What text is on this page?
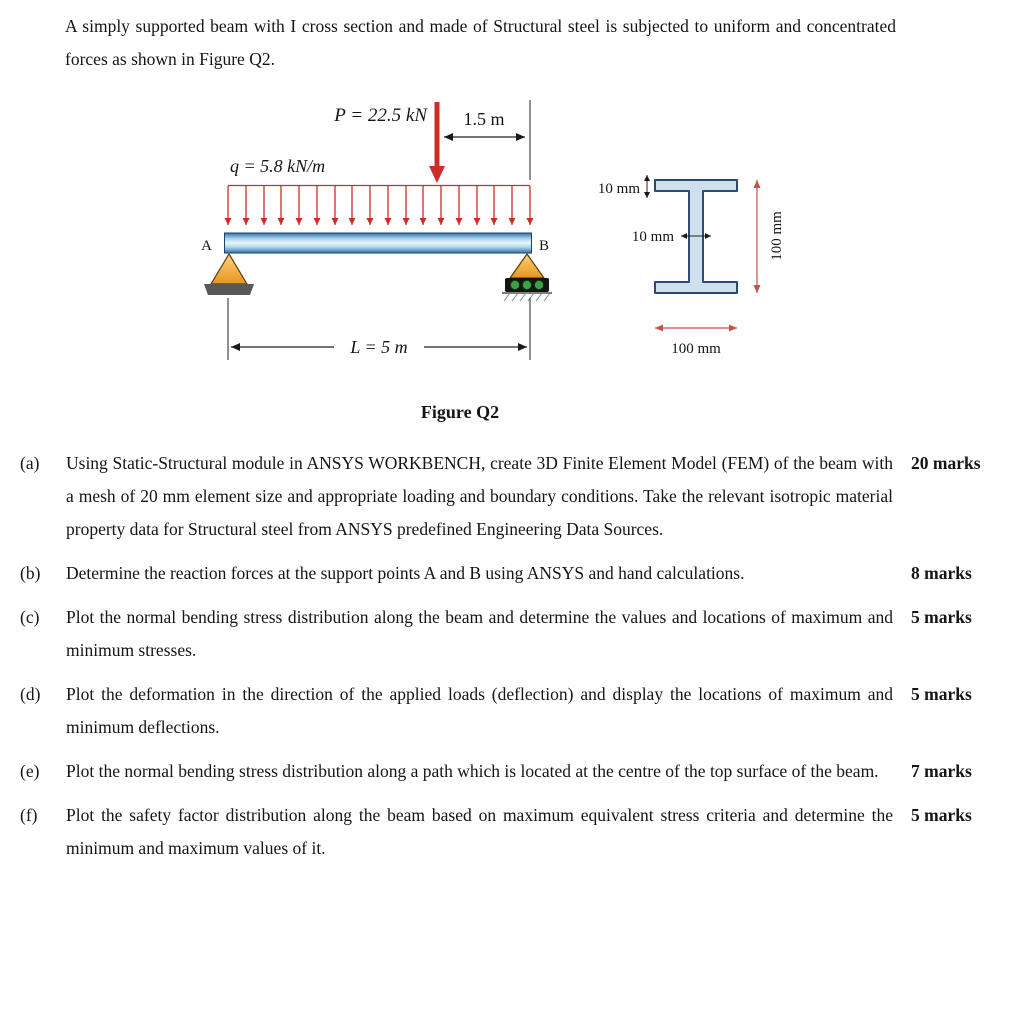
A simply supported beam with I cross section and made of Structural steel is subjected to uniform and concentrated forces as shown in Figure Q2.

P = 22.5 kN 1.5 m
q = 5.8 kN/m
A	B
L = 5 m
10 mm
10 mm	100 mm
100 mm
Figure Q2
(a)	Using Static-Structural module in ANSYS WORKBENCH, create 3D Finite Element Model (FEM) of the beam with a mesh of 20 mm element size and appropriate loading and boundary conditions. Take the relevant isotropic material property data for Structural steel from ANSYS predefined Engineering Data Sources.
20 marks
(b)	Determine the reaction forces at the support points A and B using ANSYS and hand calculations.	8 marks
(c)	Plot the normal bending stress distribution along the beam and determine the values and locations of maximum and minimum stresses.
5 marks
(d)	Plot the deformation in the direction of the applied loads (deflection) and display the locations of maximum and minimum deflections.
5 marks
(e)	Plot the normal bending stress distribution along a path which is located at the centre of the top surface of the beam.	7 marks
(f)	Plot the safety factor distribution along the beam based on maximum equivalent stress criteria and determine the minimum and maximum values of it.
5 marks
